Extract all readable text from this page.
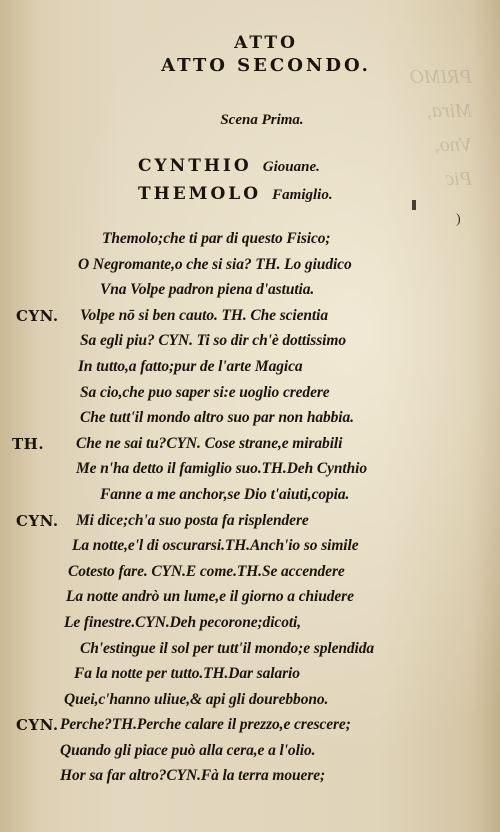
PRIMO
Mira,
Vno,
Pic
ATTO
ATTO SECONDO.
Scena Prima.
CYNTHIO Giouane.
THEMOLO Famiglio.
)
Themolo;che ti par di questo Fisico;
O Negromante,o che si sia? TH. Lo giudico
Vna Volpe padron piena d'astutia.
CYN. Volpe nō si ben cauto. TH. Che scientia
Sa egli piu? CYN. Ti so dir ch'è dottissimo
In tutto,a fatto;pur de l'arte Magica
Sa cio,che puo saper si:e uoglio credere
Che tutt'il mondo altro suo par non habbia.
TH. Che ne sai tu?CYN. Cose strane,e mirabili
Me n'ha detto il famiglio suo.TH.Deh Cynthio
Fanne a me anchor,se Dio t'aiuti,copia.
CYN. Mi dice;ch'a suo posta fa risplendere
La notte,e'l di oscurarsi.TH.Anch'io so simile
Cotesto fare. CYN.E come.TH.Se accendere
La notte andrò un lume,e il giorno a chiudere
Le finestre.CYN.Deh pecorone;dicoti,
Ch'estingue il sol per tutt'il mondo;e splendida
Fa la notte per tutto.TH.Dar salario
Quei,c'hanno uliue,& api gli dourebbono.
CYN. Perche?TH.Perche calare il prezzo,e crescere;
Quando gli piace può alla cera,e a l'olio.
Hor sa far altro?CYN.Fà la terra mouere;
